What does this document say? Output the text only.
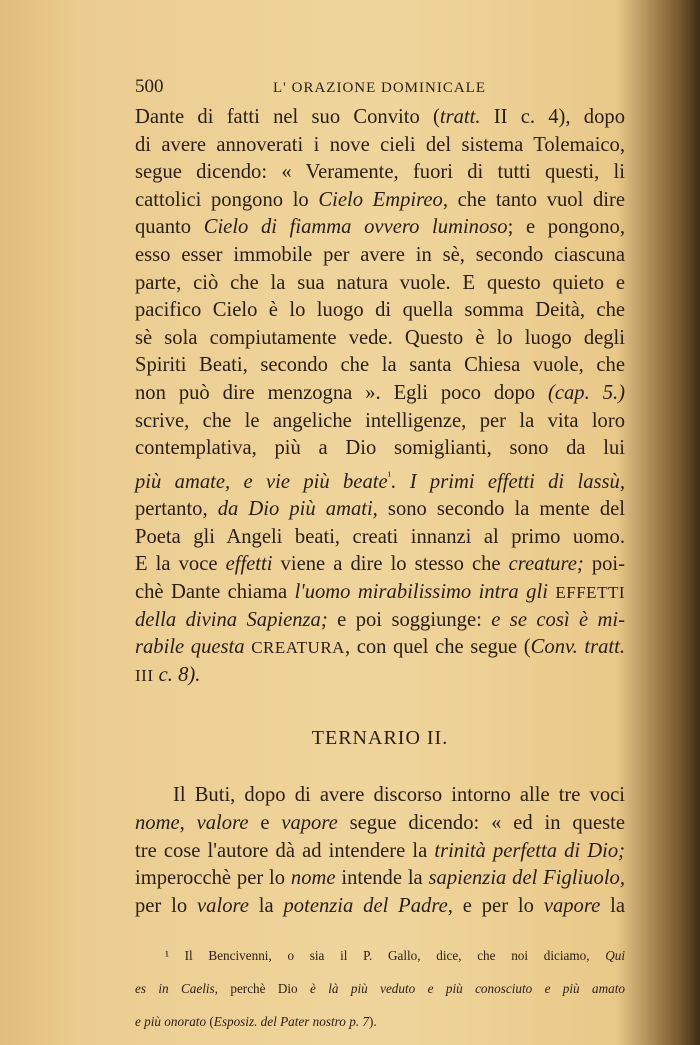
500	L' ORAZIONE DOMINICALE

Dante di fatti nel suo Convito (tratt. II c. 4), dopo

di avere annoverati i nove cieli del sistema Tolemaico,

segue dicendo: « Veramente, fuori di tutti questi, li

cattolici pongono lo Cielo Empireo, che tanto vuol dire

quanto Cielo di fiamma ovvero luminoso; e pongono,

esso esser immobile per avere in sè, secondo ciascuna

parte, ciò che la sua natura vuole. E questo quieto e

pacifico Cielo è lo luogo di quella somma Deità, che

sè sola compiutamente vede. Questo è lo luogo degli

Spiriti Beati, secondo che la santa Chiesa vuole, che

non può dire menzogna ». Egli poco dopo (cap. 5.)

scrive, che le angeliche intelligenze, per la vita loro

contemplativa, più a Dio somiglianti, sono da lui

più amate, e vie più beate$^{^1}$. I primi effetti di lassù,

pertanto, da Dio più amati, sono secondo la mente del

Poeta gli Angeli beati, creati innanzi al primo uomo.

E la voce effetti viene a dire lo stesso che creature; poi-

chè Dante chiama l'uomo mirabilissimo intra gli EFFETTI

della divina Sapienza; e poi soggiunge: e se così è mi-

rabile questa CREATURA, con quel che segue (Conv. tratt.

III c. 8).

TERNARIO II.

Il Buti, dopo di avere discorso intorno alle tre voci

nome, valore e vapore segue dicendo: « ed in queste

tre cose l'autore dà ad intendere la trinità perfetta di Dio;

imperocchè per lo nome intende la sapienzia del Figliuolo,

per lo valore la potenzia del Padre, e per lo vapore la

¹ Il Bencivenni, o sia il P. Gallo, dice, che noi diciamo, Qui

es in Caelis, perchè Dio è là più veduto e più conosciuto e più amato

e più onorato (Esposiz. del Pater nostro p. 7).
